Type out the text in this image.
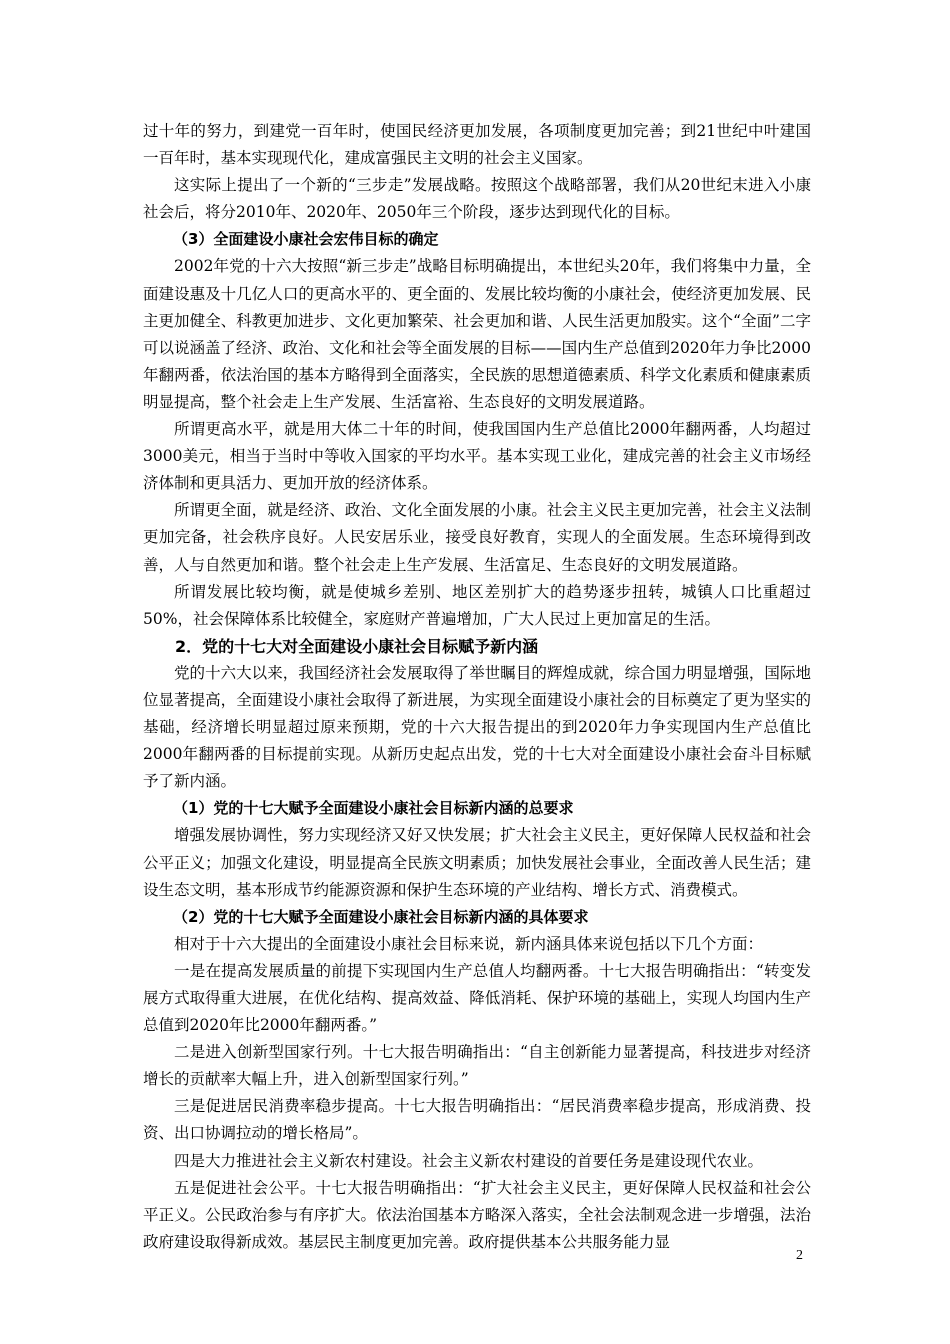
过十年的努力，到建党一百年时，使国民经济更加发展，各项制度更加完善；到21世纪中叶建国一百年时，基本实现现代化，建成富强民主文明的社会主义国家。

这实际上提出了一个新的“三步走”发展战略。按照这个战略部署，我们从20世纪末进入小康社会后，将分2010年、2020年、2050年三个阶段，逐步达到现代化的目标。

（3）全面建设小康社会宏伟目标的确定

2002年党的十六大按照“新三步走”战略目标明确提出，本世纪头20年，我们将集中力量，全面建设惠及十几亿人口的更高水平的、更全面的、发展比较均衡的小康社会，使经济更加发展、民主更加健全、科教更加进步、文化更加繁荣、社会更加和谐、人民生活更加殷实。这个“全面”二字可以说涵盖了经济、政治、文化和社会等全面发展的目标——国内生产总值到2020年力争比2000年翻两番，依法治国的基本方略得到全面落实，全民族的思想道德素质、科学文化素质和健康素质明显提高，整个社会走上生产发展、生活富裕、生态良好的文明发展道路。

所谓更高水平，就是用大体二十年的时间，使我国国内生产总值比2000年翻两番，人均超过3000美元，相当于当时中等收入国家的平均水平。基本实现工业化，建成完善的社会主义市场经济体制和更具活力、更加开放的经济体系。

所谓更全面，就是经济、政治、文化全面发展的小康。社会主义民主更加完善，社会主义法制更加完备，社会秩序良好。人民安居乐业，接受良好教育，实现人的全面发展。生态环境得到改善，人与自然更加和谐。整个社会走上生产发展、生活富足、生态良好的文明发展道路。

所谓发展比较均衡，就是使城乡差别、地区差别扩大的趋势逐步扭转，城镇人口比重超过50%，社会保障体系比较健全，家庭财产普遍增加，广大人民过上更加富足的生活。

2．党的十七大对全面建设小康社会目标赋予新内涵

党的十六大以来，我国经济社会发展取得了举世瞩目的辉煌成就，综合国力明显增强，国际地位显著提高，全面建设小康社会取得了新进展，为实现全面建设小康社会的目标奠定了更为坚实的基础，经济增长明显超过原来预期，党的十六大报告提出的到2020年力争实现国内生产总值比2000年翻两番的目标提前实现。从新历史起点出发，党的十七大对全面建设小康社会奋斗目标赋予了新内涵。

（1）党的十七大赋予全面建设小康社会目标新内涵的总要求

增强发展协调性，努力实现经济又好又快发展；扩大社会主义民主，更好保障人民权益和社会公平正义；加强文化建设，明显提高全民族文明素质；加快发展社会事业，全面改善人民生活；建设生态文明，基本形成节约能源资源和保护生态环境的产业结构、增长方式、消费模式。

（2）党的十七大赋予全面建设小康社会目标新内涵的具体要求

相对于十六大提出的全面建设小康社会目标来说，新内涵具体来说包括以下几个方面：

一是在提高发展质量的前提下实现国内生产总值人均翻两番。十七大报告明确指出：“转变发展方式取得重大进展，在优化结构、提高效益、降低消耗、保护环境的基础上，实现人均国内生产总值到2020年比2000年翻两番。”

二是进入创新型国家行列。十七大报告明确指出：“自主创新能力显著提高，科技进步对经济增长的贡献率大幅上升，进入创新型国家行列。”

三是促进居民消费率稳步提高。十七大报告明确指出：“居民消费率稳步提高，形成消费、投资、出口协调拉动的增长格局”。

四是大力推进社会主义新农村建设。社会主义新农村建设的首要任务是建设现代农业。

五是促进社会公平。十七大报告明确指出：“扩大社会主义民主，更好保障人民权益和社会公平正义。公民政治参与有序扩大。依法治国基本方略深入落实，全社会法制观念进一步增强，法治政府建设取得新成效。基层民主制度更加完善。政府提供基本公共服务能力显

2
